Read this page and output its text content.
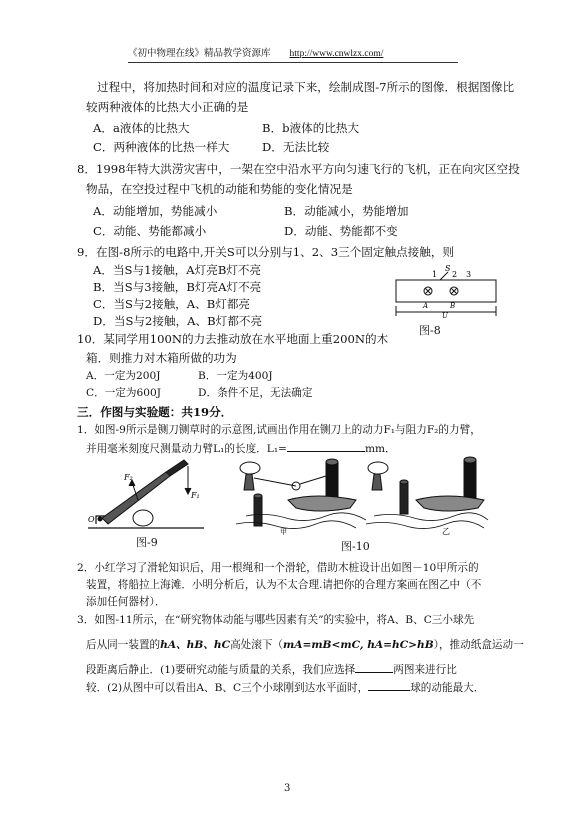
《初中物理在线》精品教学资源库 http://www.cnwlzx.com/
过程中，将加热时间和对应的温度记录下来，绘制成图-7所示的图像．根据图像比
较两种液体的比热大小正确的是
A．a液体的比热大	B．b液体的比热大
C．两种液体的比热一样大	D．无法比较
8．1998年特大洪涝灾害中，一架在空中沿水平方向匀速飞行的飞机，正在向灾区空投
物品，在空投过程中飞机的动能和势能的变化情况是
A．动能增加，势能减小	B．动能减小，势能增加
C．动能、势能都减小	D．动能、势能都不变
9．在图-8所示的电路中,开关S可以分别与1、2、3三个固定触点接触，则
A．当S与1接触，A灯亮B灯不亮
B．当S与3接触，B灯亮A灯不亮
C．当S与2接触，A、B灯都亮
D．当S与2接触，A、B灯都不亮
1
S
2 3
A	B
U
图-8
10．某同学用100N的力去推动放在水平地面上重200N的木
箱．则推力对木箱所做的功为
A．一定为200J	B．一定为400J
C．一定为600J	D．条件不足，无法确定
三．作图与实验题：共19分．
1．如图-9所示是铡刀铡草时的示意图,试画出作用在铡刀上的动力F₁与阻力F₂的力臂，
并用毫米刻度尺测量动力臂L₁的长度．L₁=	mm．
F₂
F₁
O
图-9
甲	乙
图-10
2．小红学习了滑轮知识后，用一根绳和一个滑轮，借助木桩设计出如图－10甲所示的
装置，将船拉上海滩．小明分析后，认为不太合理.请把你的合理方案画在图乙中（不
添加任何器材）．
3．如图-11所示，在“研究物体动能与哪些因素有关”的实验中，将A、B、C三小球先
后从同一装置的hA、hB、hC高处滚下（mA=mB<mC, hA=hC>hB），推动纸盒运动一
段距离后静止．(1)要研究动能与质量的关系，我们应选择	两图来进行比
较．(2)从图中可以看出A、B、C三个小球刚到达水平面时，	球的动能最大．
3
